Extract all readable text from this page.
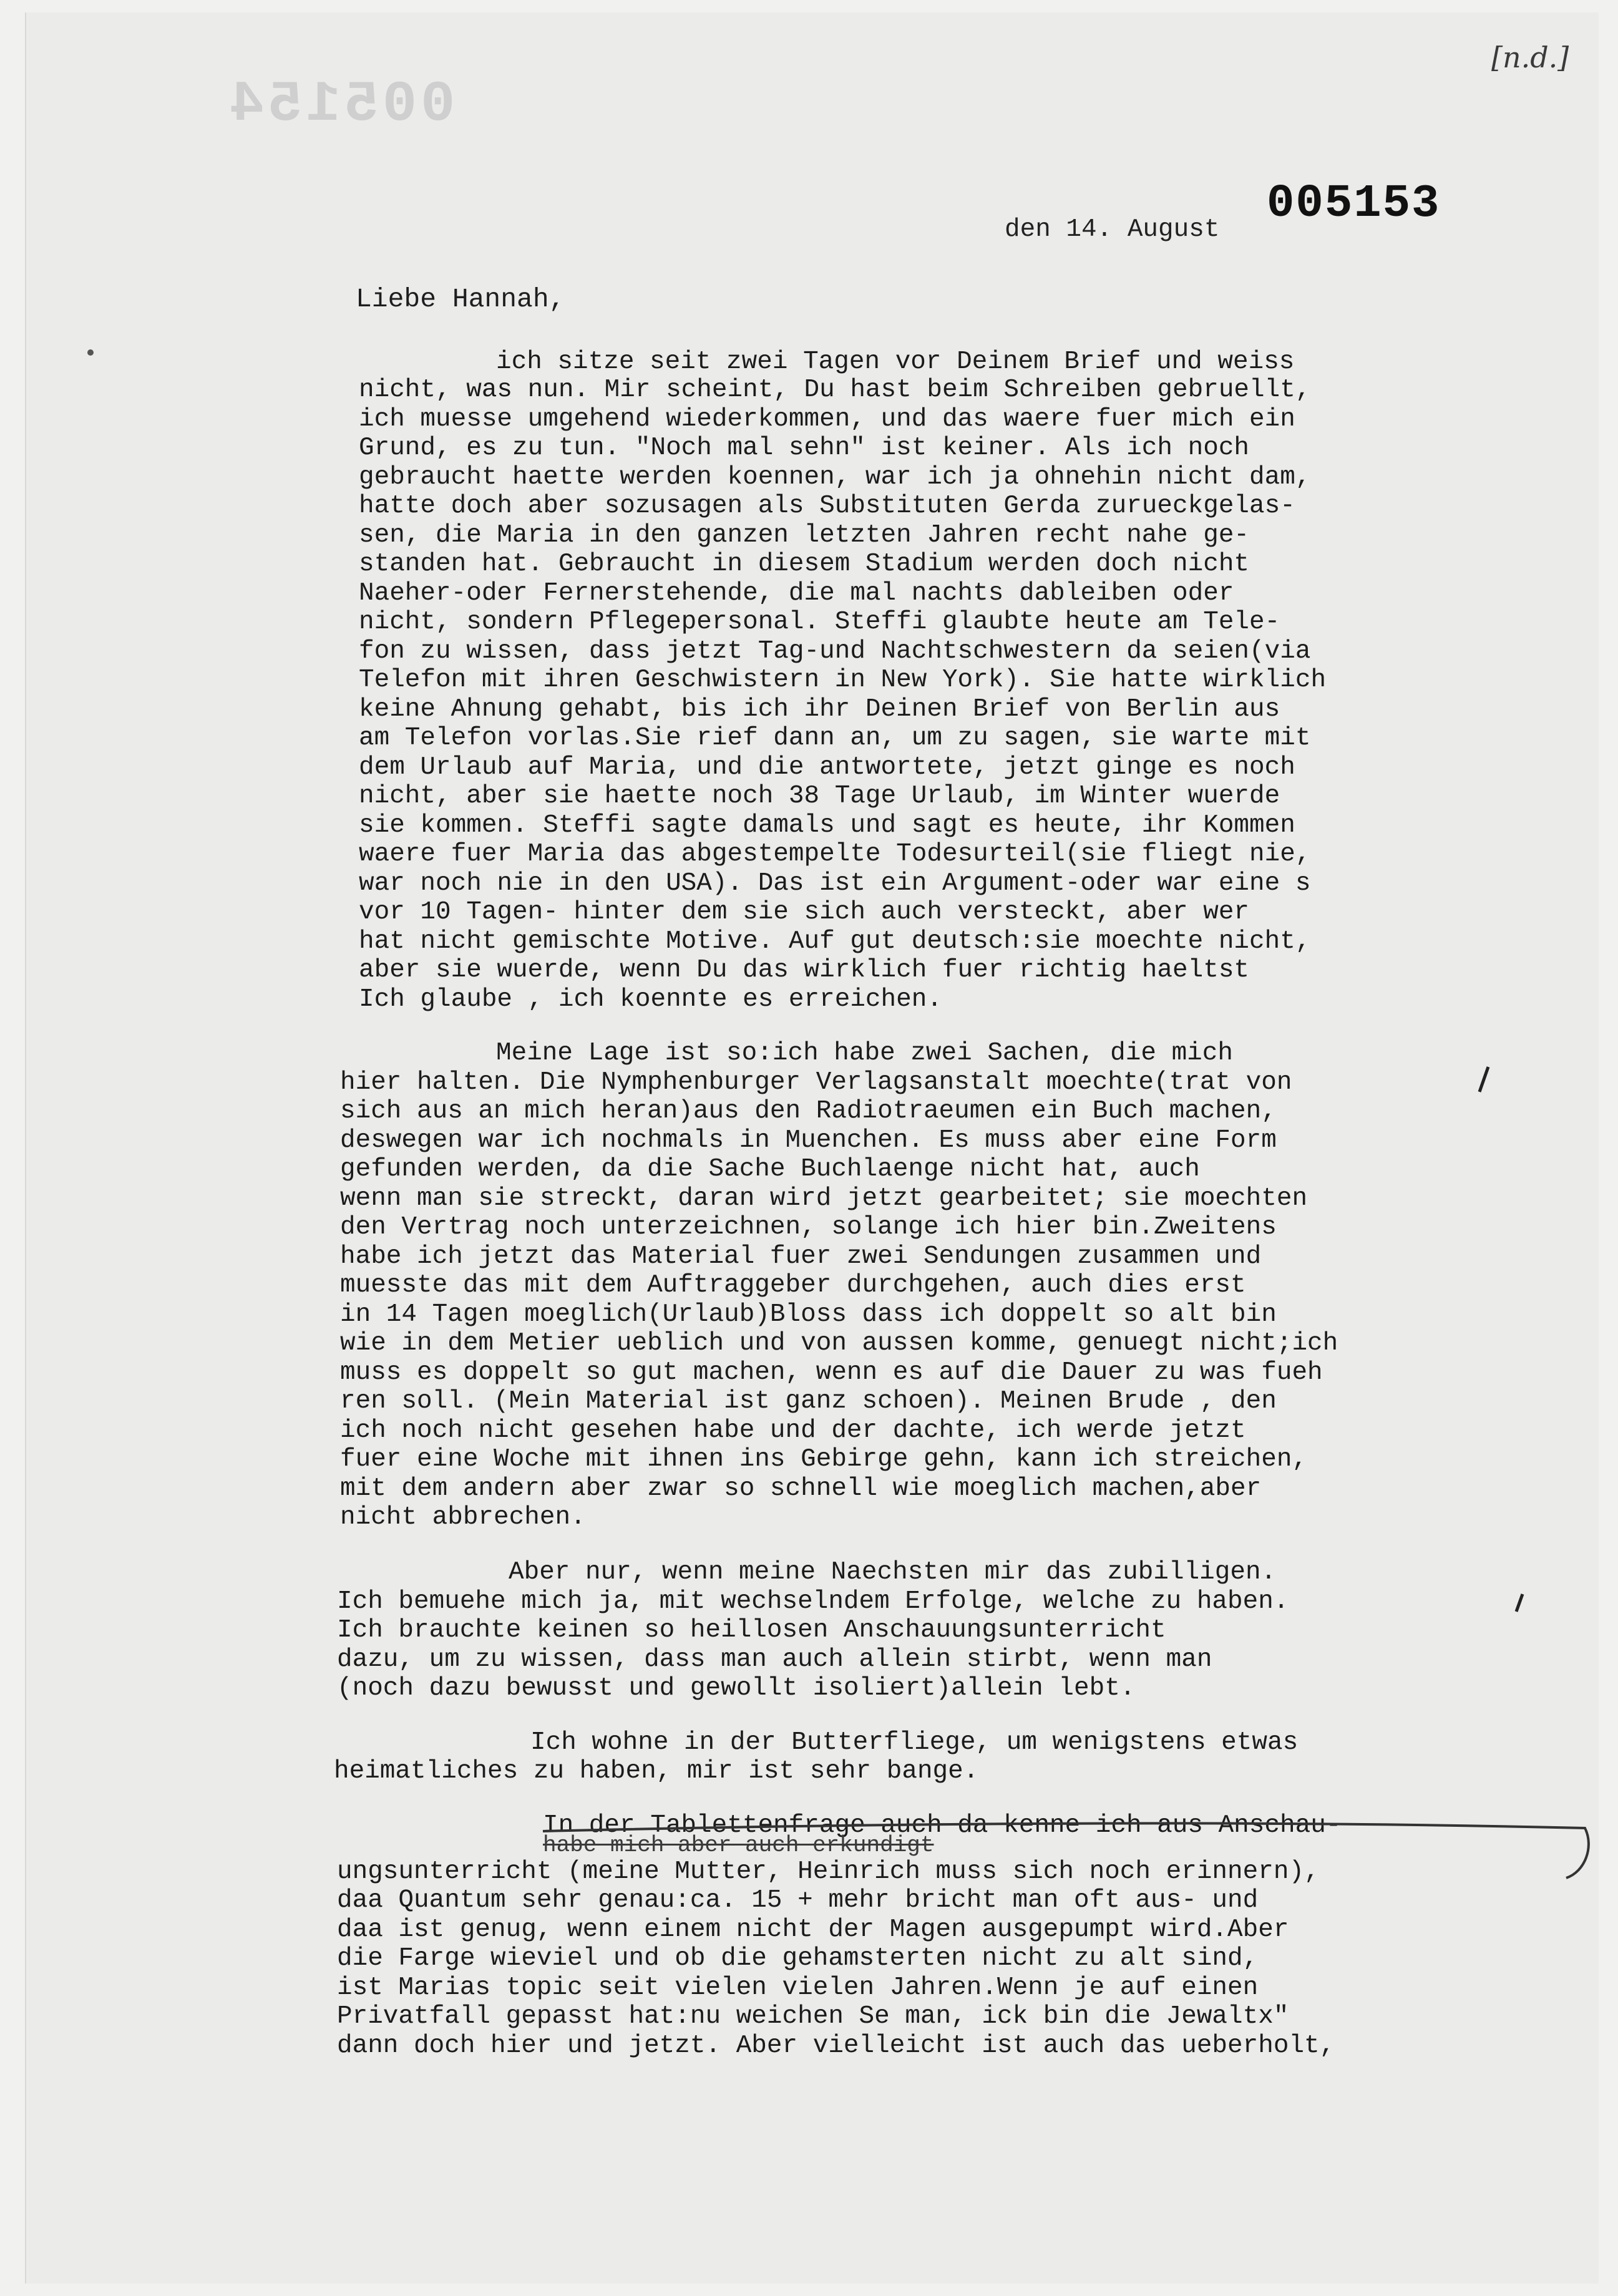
005154
[n.d.]
005153
den 14. August
Liebe Hannah,
ich sitze seit zwei Tagen vor Deinem Brief und weiss
nicht, was nun. Mir scheint, Du hast beim Schreiben gebruellt,
ich muesse umgehend wiederkommen, und das waere fuer mich ein
Grund, es zu tun. "Noch mal sehn" ist keiner. Als ich noch
gebraucht haette werden koennen, war ich ja ohnehin nicht dam,
hatte doch aber sozusagen als Substituten Gerda zurueckgelas-
sen, die Maria in den ganzen letzten Jahren recht nahe ge-
standen hat. Gebraucht in diesem Stadium werden doch nicht
Naeher-oder Fernerstehende, die mal nachts dableiben oder
nicht, sondern Pflegepersonal. Steffi glaubte heute am Tele-
fon zu wissen, dass jetzt Tag-und Nachtschwestern da seien(via
Telefon mit ihren Geschwistern in New York). Sie hatte wirklich
keine Ahnung gehabt, bis ich ihr Deinen Brief von Berlin aus
am Telefon vorlas.Sie rief dann an, um zu sagen, sie warte mit
dem Urlaub auf Maria, und die antwortete, jetzt ginge es noch
nicht, aber sie haette noch 38 Tage Urlaub, im Winter wuerde
sie kommen. Steffi sagte damals und sagt es heute, ihr Kommen
waere fuer Maria das abgestempelte Todesurteil(sie fliegt nie,
war noch nie in den USA). Das ist ein Argument-oder war eine s
vor 10 Tagen- hinter dem sie sich auch versteckt, aber wer
hat nicht gemischte Motive. Auf gut deutsch:sie moechte nicht,
aber sie wuerde, wenn Du das wirklich fuer richtig haeltst
Ich glaube , ich koennte es erreichen.
Meine Lage ist so:ich habe zwei Sachen, die mich
hier halten. Die Nymphenburger Verlagsanstalt moechte(trat von
sich aus an mich heran)aus den Radiotraeumen ein Buch machen,
deswegen war ich nochmals in Muenchen. Es muss aber eine Form
gefunden werden, da die Sache Buchlaenge nicht hat, auch
wenn man sie streckt, daran wird jetzt gearbeitet; sie moechten
den Vertrag noch unterzeichnen, solange ich hier bin.Zweitens
habe ich jetzt das Material fuer zwei Sendungen zusammen und
muesste das mit dem Auftraggeber durchgehen, auch dies erst
in 14 Tagen moeglich(Urlaub)Bloss dass ich doppelt so alt bin
wie in dem Metier ueblich und von aussen komme, genuegt nicht;ich
muss es doppelt so gut machen, wenn es auf die Dauer zu was fueh
ren soll. (Mein Material ist ganz schoen). Meinen Brude , den
ich noch nicht gesehen habe und der dachte, ich werde jetzt
fuer eine Woche mit ihnen ins Gebirge gehn, kann ich streichen,
mit dem andern aber zwar so schnell wie moeglich machen,aber
nicht abbrechen.
Aber nur, wenn meine Naechsten mir das zubilligen.
Ich bemuehe mich ja, mit wechselndem Erfolge, welche zu haben.
Ich brauchte keinen so heillosen Anschauungsunterricht
dazu, um zu wissen, dass man auch allein stirbt, wenn man
(noch dazu bewusst und gewollt isoliert)allein lebt.
Ich wohne in der Butterfliege, um wenigstens etwas
heimatliches zu haben, mir ist sehr bange.
In der Tablettenfrage auch da kenne ich aus Anschau-
habe mich aber auch erkundigt
ungsunterricht (meine Mutter, Heinrich muss sich noch erinnern),
daa Quantum sehr genau:ca. 15 + mehr bricht man oft aus- und
daa ist genug, wenn einem nicht der Magen ausgepumpt wird.Aber
die Farge wieviel und ob die gehamsterten nicht zu alt sind,
ist Marias topic seit vielen vielen Jahren.Wenn je auf einen
Privatfall gepasst hat:nu weichen Se man, ick bin die Jewaltx"
dann doch hier und jetzt. Aber vielleicht ist auch das ueberholt,
